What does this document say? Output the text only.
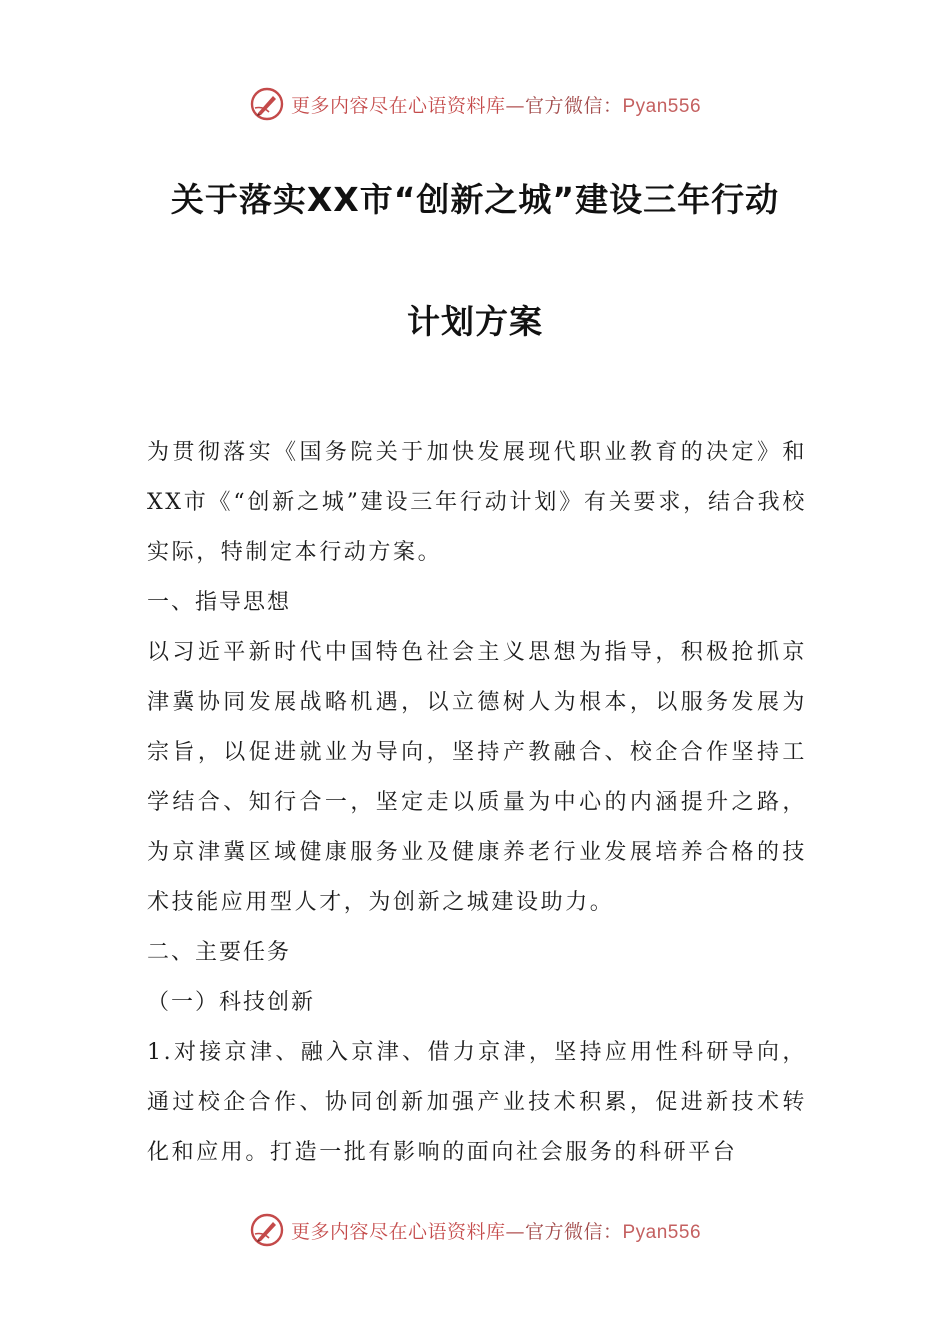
更多内容尽在心语资料库—官方微信：Pyan556
关于落实XX市“创新之城”建设三年行动
计划方案

为贯彻落实《国务院关于加快发展现代职业教育的决定》和XX市《“创新之城”建设三年行动计划》有关要求，结合我校实际，特制定本行动方案。

一、指导思想

以习近平新时代中国特色社会主义思想为指导，积极抢抓京津冀协同发展战略机遇，以立德树人为根本，以服务发展为宗旨，以促进就业为导向，坚持产教融合、校企合作坚持工学结合、知行合一，坚定走以质量为中心的内涵提升之路，为京津冀区域健康服务业及健康养老行业发展培养合格的技术技能应用型人才，为创新之城建设助力。

二、主要任务

（一）科技创新

1.对接京津、融入京津、借力京津，坚持应用性科研导向，通过校企合作、协同创新加强产业技术积累，促进新技术转化和应用。打造一批有影响的面向社会服务的科研平台

更多内容尽在心语资料库—官方微信：Pyan556
